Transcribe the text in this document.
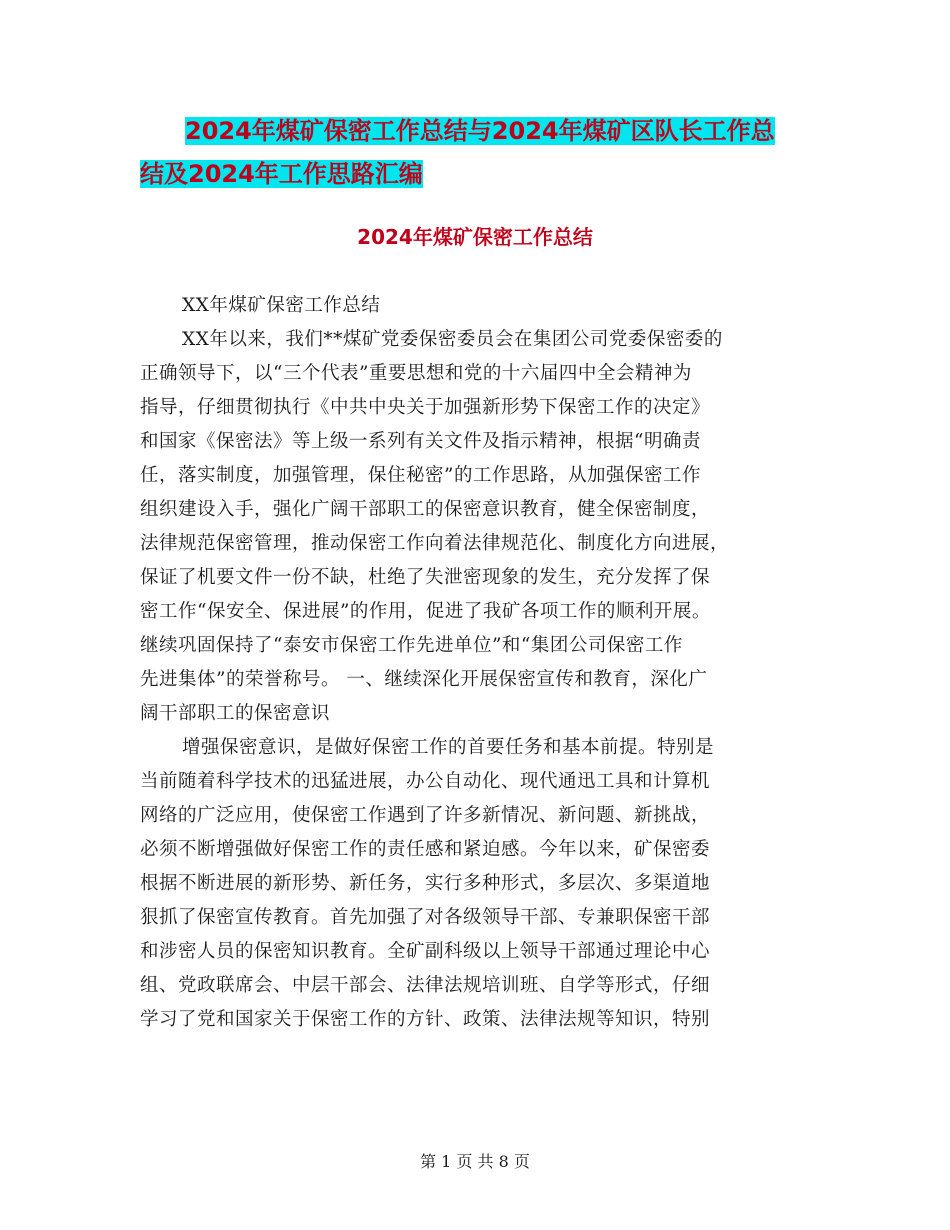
2024年煤矿保密工作总结与2024年煤矿区队长工作总
结及2024年工作思路汇编
2024年煤矿保密工作总结
XX年煤矿保密工作总结
XX年以来，我们**煤矿党委保密委员会在集团公司党委保密委的
正确领导下，以“三个代表”重要思想和党的十六届四中全会精神为
指导，仔细贯彻执行《中共中央关于加强新形势下保密工作的决定》
和国家《保密法》等上级一系列有关文件及指示精神，根据“明确责
任，落实制度，加强管理，保住秘密”的工作思路，从加强保密工作
组织建设入手，强化广阔干部职工的保密意识教育，健全保密制度，
法律规范保密管理，推动保密工作向着法律规范化、制度化方向进展，
保证了机要文件一份不缺，杜绝了失泄密现象的发生，充分发挥了保
密工作“保安全、保进展”的作用，促进了我矿各项工作的顺利开展。
继续巩固保持了“泰安市保密工作先进单位”和“集团公司保密工作
先进集体”的荣誉称号。 一、继续深化开展保密宣传和教育，深化广
阔干部职工的保密意识
增强保密意识，是做好保密工作的首要任务和基本前提。特别是
当前随着科学技术的迅猛进展，办公自动化、现代通迅工具和计算机
网络的广泛应用，使保密工作遇到了许多新情况、新问题、新挑战，
必须不断增强做好保密工作的责任感和紧迫感。今年以来，矿保密委
根据不断进展的新形势、新任务，实行多种形式，多层次、多渠道地
狠抓了保密宣传教育。首先加强了对各级领导干部、专兼职保密干部
和涉密人员的保密知识教育。全矿副科级以上领导干部通过理论中心
组、党政联席会、中层干部会、法律法规培训班、自学等形式，仔细
学习了党和国家关于保密工作的方针、政策、法律法规等知识，特别
第 1 页 共 8 页
